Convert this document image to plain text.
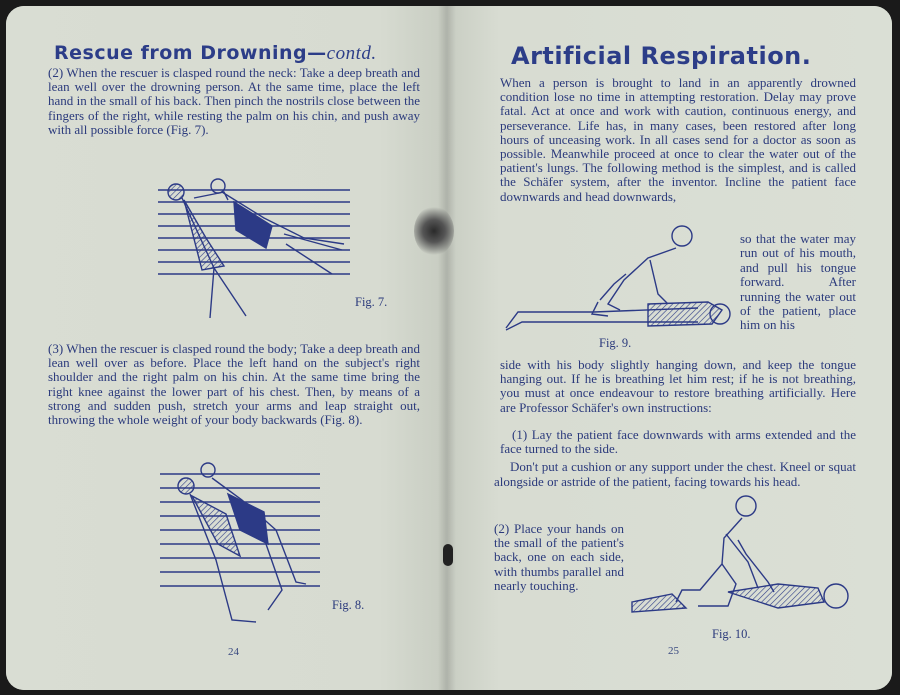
Rescue from Drowning—contd.

(2) When the rescuer is clasped round the neck: Take a deep breath and lean well over the drowning person. At the same time, place the left hand in the small of his back. Then pinch the nostrils close between the fingers of the right, while resting the palm on his chin, and push away with all possible force (Fig. 7).

Fig. 7.

(3) When the rescuer is clasped round the body; Take a deep breath and lean well over as before. Place the left hand on the subject's right shoulder and the right palm on his chin. At the same time bring the right knee against the lower part of his chest. Then, by means of a strong and sudden push, stretch your arms and leap straight out, throwing the whole weight of your body backwards (Fig. 8).

Fig. 8.
24
Artificial Respiration.

When a person is brought to land in an apparently drowned condition lose no time in attempting restoration. Delay may prove fatal. Act at once and work with caution, continuous energy, and perseverance. Life has, in many cases, been restored after long hours of unceasing work. In all cases send for a doctor as soon as possible. Meanwhile proceed at once to clear the water out of the patient's lungs. The following method is the simplest, and is called the Schäfer system, after the inventor. Incline the patient face downwards and head downwards,

Fig. 9.

so that the water may run out of his mouth, and pull his tongue forward. After running the water out of the patient, place him on his

side with his body slightly hanging down, and keep the tongue hanging out. If he is breathing let him rest; if he is not breathing, you must at once endeavour to restore breathing artificially. Here are Professor Schäfer's own instructions:

(1) Lay the patient face downwards with arms extended and the face turned to the side.

Don't put a cushion or any support under the chest. Kneel or squat alongside or astride of the patient, facing towards his head.

(2) Place your hands on the small of the patient's back, one on each side, with thumbs parallel and nearly touching.

Fig. 10.
25
